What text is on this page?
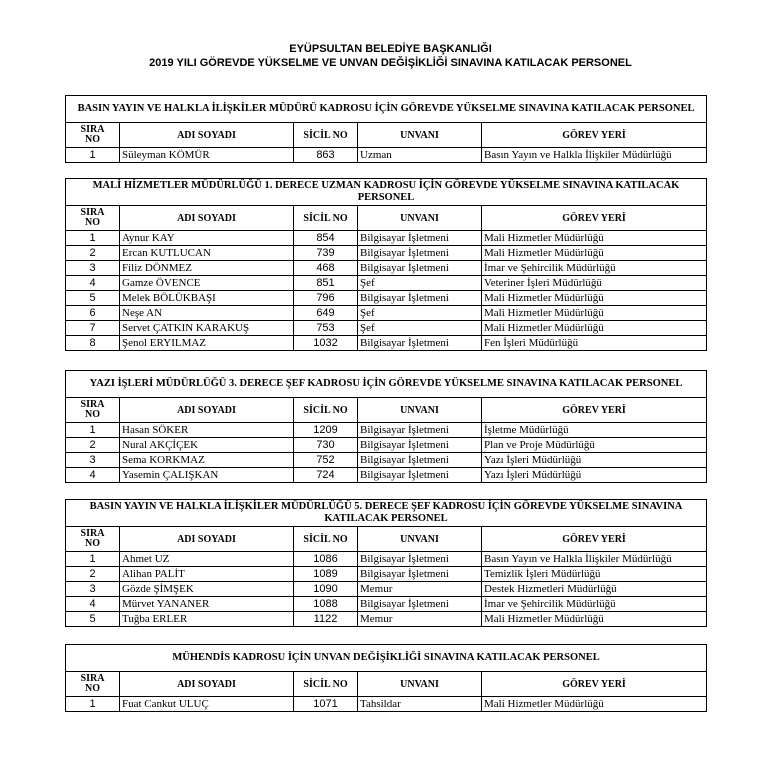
EYÜPSULTAN BELEDİYE BAŞKANLIĞI
2019 YILI GÖREVDE YÜKSELME VE UNVAN DEĞİŞİKLİĞİ SINAVINA KATILACAK PERSONEL
BASIN YAYIN VE HALKLA İLİŞKİLER MÜDÜRÜ KADROSU İÇİN GÖREVDE YÜKSELME SINAVINA KATILACAK PERSONEL				
SIRA
NO	ADI SOYADI	SİCİL NO	UNVANI	GÖREV YERİ
1	Süleyman KÖMÜR	863	Uzman	Basın Yayın ve Halkla İlişkiler Müdürlüğü
MALİ HİZMETLER MÜDÜRLÜĞÜ 1. DERECE UZMAN KADROSU İÇİN GÖREVDE YÜKSELME SINAVINA KATILACAK PERSONEL				
SIRA
NO	ADI SOYADI	SİCİL NO	UNVANI	GÖREV YERİ
1	Aynur KAY	854	Bilgisayar İşletmeni	Mali Hizmetler Müdürlüğü
2	Ercan KUTLUCAN	739	Bilgisayar İşletmeni	Mali Hizmetler Müdürlüğü
3	Filiz DÖNMEZ	468	Bilgisayar İşletmeni	İmar ve Şehircilik Müdürlüğü
4	Gamze ÖVENCE	851	Şef	Veteriner İşleri Müdürlüğü
5	Melek BÖLÜKBAŞI	796	Bilgisayar İşletmeni	Mali Hizmetler Müdürlüğü
6	Neşe AN	649	Şef	Mali Hizmetler Müdürlüğü
7	Servet ÇATKIN KARAKUŞ	753	Şef	Mali Hizmetler Müdürlüğü
8	Şenol ERYILMAZ	1032	Bilgisayar İşletmeni	Fen İşleri Müdürlüğü
YAZI İŞLERİ MÜDÜRLÜĞÜ 3. DERECE ŞEF KADROSU İÇİN GÖREVDE YÜKSELME SINAVINA KATILACAK PERSONEL				
SIRA
NO	ADI SOYADI	SİCİL NO	UNVANI	GÖREV YERİ
1	Hasan SÖKER	1209	Bilgisayar İşletmeni	İşletme Müdürlüğü
2	Nural AKÇİÇEK	730	Bilgisayar İşletmeni	Plan ve Proje Müdürlüğü
3	Sema KORKMAZ	752	Bilgisayar İşletmeni	Yazı İşleri Müdürlüğü
4	Yasemin ÇALIŞKAN	724	Bilgisayar İşletmeni	Yazı İşleri Müdürlüğü
BASIN YAYIN VE HALKLA İLİŞKİLER MÜDÜRLÜĞÜ 5. DERECE ŞEF KADROSU İÇİN GÖREVDE YÜKSELME SINAVINA KATILACAK PERSONEL				
SIRA
NO	ADI SOYADI	SİCİL NO	UNVANI	GÖREV YERİ
1	Ahmet UZ	1086	Bilgisayar İşletmeni	Basın Yayın ve Halkla İlişkiler Müdürlüğü
2	Alihan PALİT	1089	Bilgisayar İşletmeni	Temizlik İşleri Müdürlüğü
3	Gözde ŞİMŞEK	1090	Memur	Destek Hizmetleri Müdürlüğü
4	Mürvet YANANER	1088	Bilgisayar İşletmeni	İmar ve Şehircilik Müdürlüğü
5	Tuğba ERLER	1122	Memur	Mali Hizmetler Müdürlüğü
MÜHENDİS KADROSU İÇİN UNVAN DEĞİŞİKLİĞİ SINAVINA KATILACAK PERSONEL				
SIRA
NO	ADI SOYADI	SİCİL NO	UNVANI	GÖREV YERİ
1	Fuat Cankut ULUÇ	1071	Tahsildar	Mali Hizmetler Müdürlüğü
